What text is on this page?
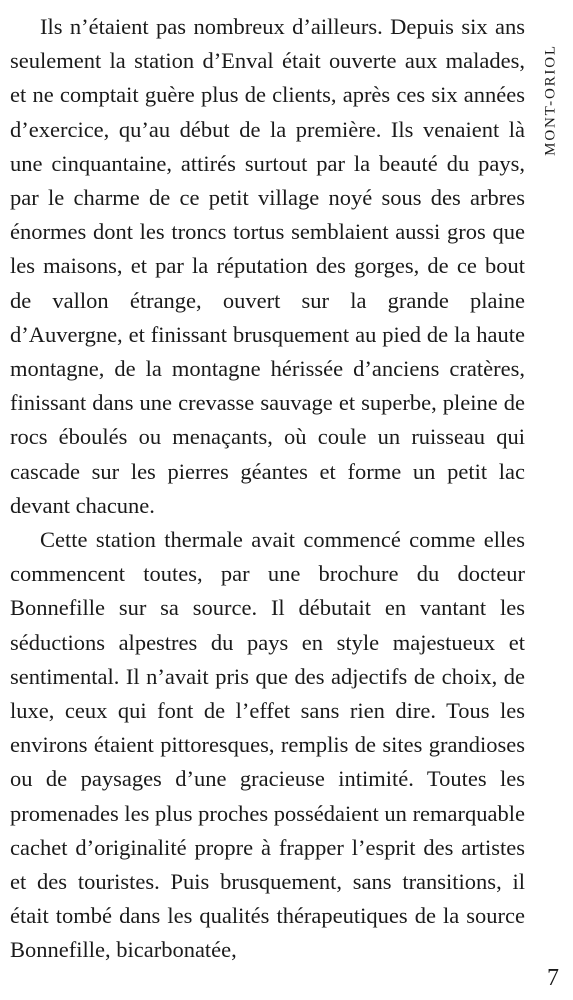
Ils n’étaient pas nombreux d’ailleurs. Depuis six ans seulement la station d’Enval était ouverte aux malades, et ne comptait guère plus de clients, après ces six années d’exercice, qu’au début de la première. Ils venaient là une cinquantaine, attirés surtout par la beauté du pays, par le charme de ce petit village noyé sous des arbres énormes dont les troncs tortus semblaient aussi gros que les maisons, et par la réputation des gorges, de ce bout de vallon étrange, ouvert sur la grande plaine d’Auvergne, et finissant brusquement au pied de la haute montagne, de la montagne hérissée d’anciens cratères, finissant dans une crevasse sauvage et superbe, pleine de rocs éboulés ou menaçants, où coule un ruisseau qui cascade sur les pierres géantes et forme un petit lac devant chacune.

Cette station thermale avait commencé comme elles commencent toutes, par une brochure du docteur Bonnefille sur sa source. Il débutait en vantant les séductions alpestres du pays en style majestueux et sentimental. Il n’avait pris que des adjectifs de choix, de luxe, ceux qui font de l’effet sans rien dire. Tous les environs étaient pittoresques, remplis de sites grandioses ou de paysages d’une gracieuse intimité. Toutes les promenades les plus proches possédaient un remarquable cachet d’originalité propre à frapper l’esprit des artistes et des touristes. Puis brusquement, sans transitions, il était tombé dans les qualités thérapeutiques de la source Bonnefille, bicarbonatée,

MONT-ORIOL
7
